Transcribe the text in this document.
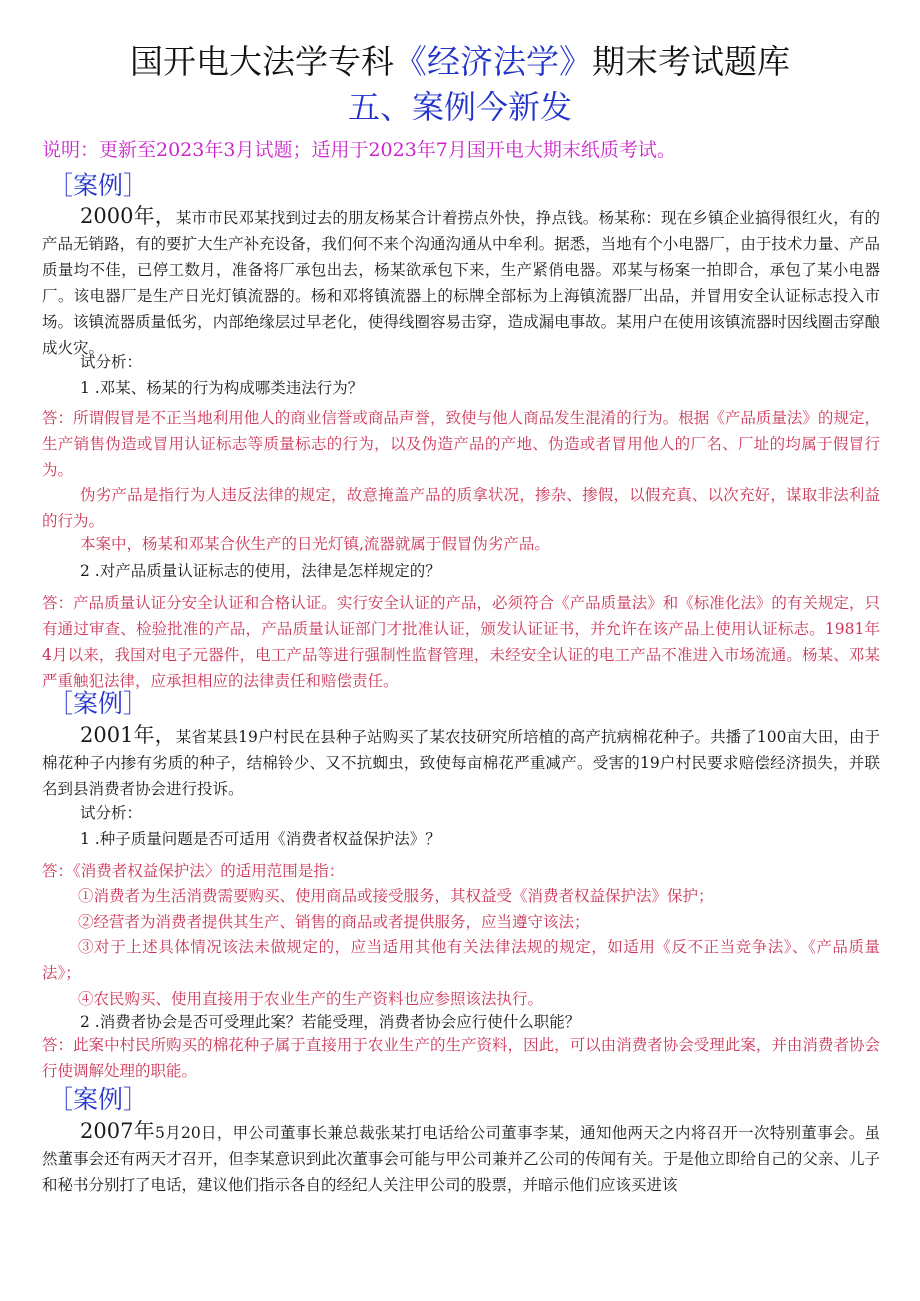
国开电大法学专科《经济法学》期末考试题库
五、案例今新发
说明：更新至2023年3月试题；适用于2023年7月国开电大期末纸质考试。
［案例］
2000年，某市市民邓某找到过去的朋友杨某合计着捞点外快，挣点钱。杨某称：现在乡镇企业搞得很红火，有的产品无销路，有的要扩大生产补充设备，我们何不来个沟通沟通从中牟利。据悉，当地有个小电器厂，由于技术力量、产品质量均不佳，已停工数月，准备将厂承包出去，杨某欲承包下来，生产紧俏电器。邓某与杨案一拍即合，承包了某小电器厂。该电器厂是生产日光灯镇流器的。杨和邓将镇流器上的标牌全部标为上海镇流器厂出品，并冒用安全认证标志投入市场。该镇流器质量低劣，内部绝缘层过早老化，使得线圈容易击穿，造成漏电事故。某用户在使用该镇流器时因线圈击穿酿成火灾。
试分析：
1 .邓某、杨某的行为构成哪类违法行为？
答：所谓假冒是不正当地利用他人的商业信誉或商品声誉，致使与他人商品发生混淆的行为。根据《产品质量法》的规定，生产销售伪造或冒用认证标志等质量标志的行为，以及伪造产品的产地、伪造或者冒用他人的厂名、厂址的均属于假冒行为。
伪劣产品是指行为人违反法律的规定，故意掩盖产品的质拿状况，掺杂、掺假，以假充真、以次充好，谋取非法利益的行为。
本案中，杨某和邓某合伙生产的日光灯镇,流器就属于假冒伪劣产品。
2 .对产品质量认证标志的使用，法律是怎样规定的？
答：产品质量认证分安全认证和合格认证。实行安全认证的产品，必须符合《产品质量法》和《标准化法》的有关规定，只有通过审查、检验批准的产品，产品质量认证部门才批准认证，颁发认证证书，并允许在该产品上使用认证标志。1981年4月以来，我国对电子元器件，电工产品等进行强制性监督管理，未经安全认证的电工产品不准进入市场流通。杨某、邓某严重触犯法律，应承担相应的法律责任和赔偿责任。
［案例］
2001年，某省某县19户村民在县种子站购买了某农技研究所培植的高产抗病棉花种子。共播了100亩大田，由于棉花种子内掺有劣质的种子，结棉铃少、又不抗蜘虫，致使每亩棉花严重减产。受害的19户村民要求赔偿经济损失，并联名到县消费者协会进行投诉。
试分析：
1 .种子质量问题是否可适用《消费者权益保护法》？
答：《消费者权益保护法〉的适用范围是指：
①消费者为生活消费需要购买、使用商品或接受服务，其权益受《消费者权益保护法》保护；
②经营者为消费者提供其生产、销售的商品或者提供服务，应当遵守该法；
③对于上述具体情况该法未做规定的，应当适用其他有关法律法规的规定，如适用《反不正当竞争法》、《产品质量法》；
④农民购买、使用直接用于农业生产的生产资料也应参照该法执行。
2 .消费者协会是否可受理此案？若能受理，消费者协会应行使什么职能？
答：此案中村民所购买的棉花种子属于直接用于农业生产的生产资料，因此，可以由消费者协会受理此案，并由消费者协会行使调解处理的职能。
［案例］
2007年5月20日，甲公司董事长兼总裁张某打电话给公司董事李某，通知他两天之内将召开一次特别董事会。虽然董事会还有两天才召开，但李某意识到此次董事会可能与甲公司兼并乙公司的传闻有关。于是他立即给自己的父亲、儿子和秘书分别打了电话，建议他们指示各自的经纪人关注甲公司的股票，并暗示他们应该买进该
